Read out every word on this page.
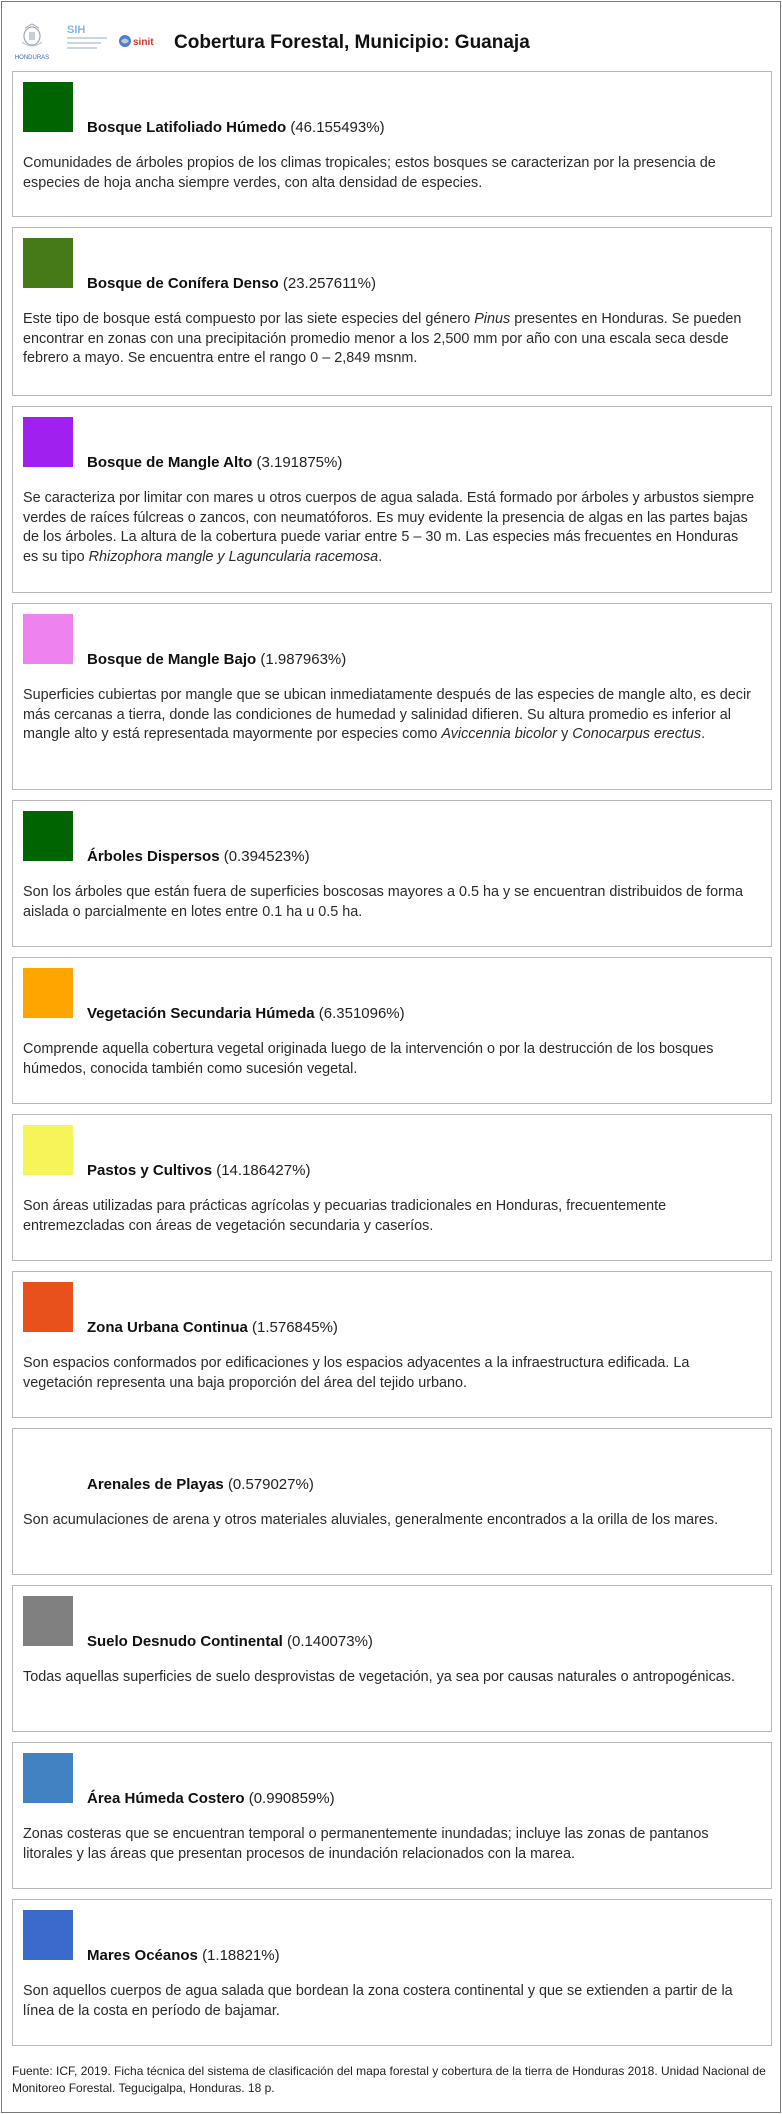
HONDURAS
SIH
sinit Cobertura Forestal, Municipio: Guanaja
Bosque Latifoliado Húmedo (46.155493%)
Comunidades de árboles propios de los climas tropicales; estos bosques se caracterizan por la presencia de especies de hoja ancha siempre verdes, con alta densidad de especies.
Bosque de Conífera Denso (23.257611%)
Este tipo de bosque está compuesto por las siete especies del género Pinus presentes en Honduras. Se pueden encontrar en zonas con una precipitación promedio menor a los 2,500 mm por año con una escala seca desde febrero a mayo. Se encuentra entre el rango 0 – 2,849 msnm.
Bosque de Mangle Alto (3.191875%)
Se caracteriza por limitar con mares u otros cuerpos de agua salada. Está formado por árboles y arbustos siempre verdes de raíces fúlcreas o zancos, con neumatóforos. Es muy evidente la presencia de algas en las partes bajas de los árboles. La altura de la cobertura puede variar entre 5 – 30 m. Las especies más frecuentes en Honduras es su tipo Rhizophora mangle y Laguncularia racemosa.
Bosque de Mangle Bajo (1.987963%)
Superficies cubiertas por mangle que se ubican inmediatamente después de las especies de mangle alto, es decir más cercanas a tierra, donde las condiciones de humedad y salinidad difieren. Su altura promedio es inferior al mangle alto y está representada mayormente por especies como Aviccennia bicolor y Conocarpus erectus.
Árboles Dispersos (0.394523%)
Son los árboles que están fuera de superficies boscosas mayores a 0.5 ha y se encuentran distribuidos de forma aislada o parcialmente en lotes entre 0.1 ha u 0.5 ha.
Vegetación Secundaria Húmeda (6.351096%)
Comprende aquella cobertura vegetal originada luego de la intervención o por la destrucción de los bosques húmedos, conocida también como sucesión vegetal.
Pastos y Cultivos (14.186427%)
Son áreas utilizadas para prácticas agrícolas y pecuarias tradicionales en Honduras, frecuentemente entremezcladas con áreas de vegetación secundaria y caseríos.
Zona Urbana Continua (1.576845%)
Son espacios conformados por edificaciones y los espacios adyacentes a la infraestructura edificada. La vegetación representa una baja proporción del área del tejido urbano.
Arenales de Playas (0.579027%)
Son acumulaciones de arena y otros materiales aluviales, generalmente encontrados a la orilla de los mares.
Suelo Desnudo Continental (0.140073%)
Todas aquellas superficies de suelo desprovistas de vegetación, ya sea por causas naturales o antropogénicas.
Área Húmeda Costero (0.990859%)
Zonas costeras que se encuentran temporal o permanentemente inundadas; incluye las zonas de pantanos litorales y las áreas que presentan procesos de inundación relacionados con la marea.
Mares Océanos (1.18821%)
Son aquellos cuerpos de agua salada que bordean la zona costera continental y que se extienden a partir de la línea de la costa en período de bajamar.
Fuente: ICF, 2019. Ficha técnica del sistema de clasificación del mapa forestal y cobertura de la tierra de Honduras 2018. Unidad Nacional de Monitoreo Forestal. Tegucigalpa, Honduras. 18 p.
